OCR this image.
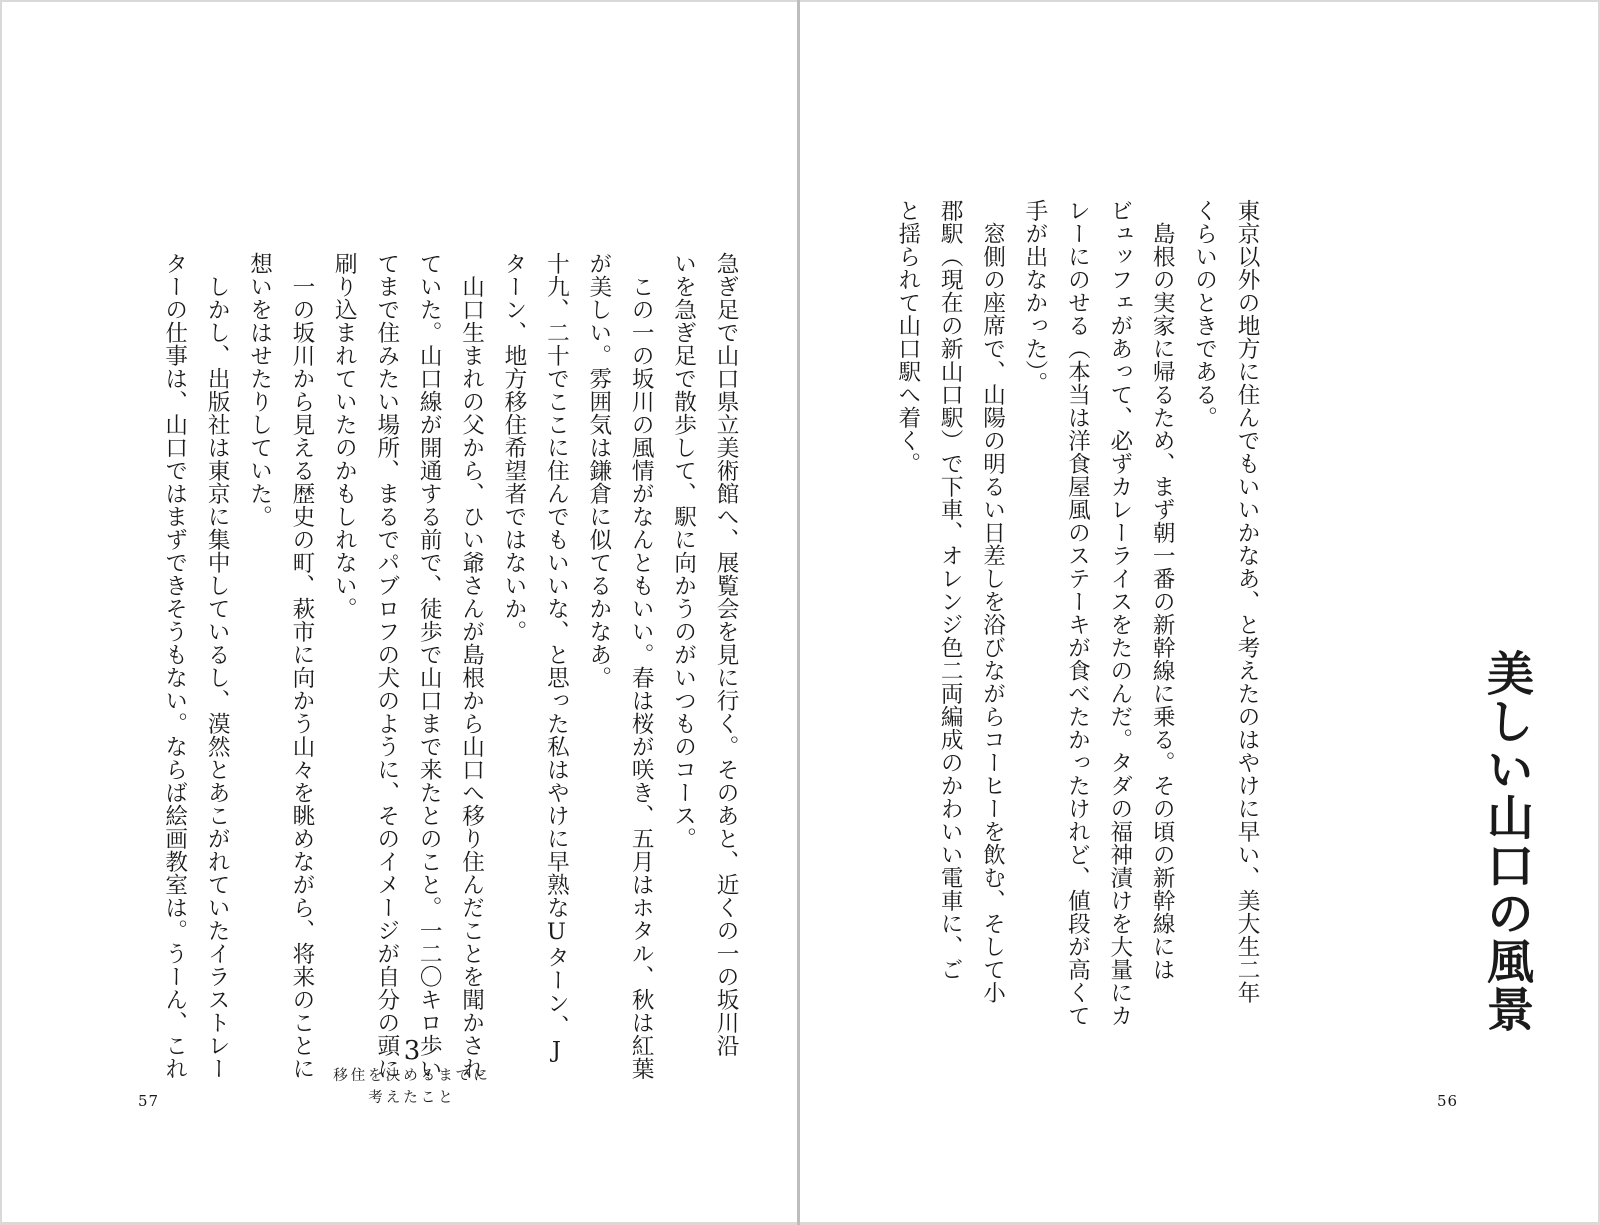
急ぎ足で山口県立美術館へ、展覧会を見に行く。そのあと、近くの一の坂川沿
いを急ぎ足で散歩して、駅に向かうのがいつものコース。
　この一の坂川の風情がなんともいい。春は桜が咲き、五月はホタル、秋は紅葉
が美しい。雰囲気は鎌倉に似てるかなあ。
十九、二十でここに住んでもいいな、と思った私はやけに早熟なUターン、J
ターン、地方移住希望者ではないか。
　山口生まれの父から、ひい爺さんが島根から山口へ移り住んだことを聞かされ
ていた。山口線が開通する前で、徒歩で山口まで来たとのこと。一二〇キロ歩い
てまで住みたい場所、まるでパブロフの犬のように、そのイメージが自分の頭に
刷り込まれていたのかもしれない。
　一の坂川から見える歴史の町、萩市に向かう山々を眺めながら、将来のことに
想いをはせたりしていた。
　しかし、出版社は東京に集中しているし、漠然とあこがれていたイラストレー
ターの仕事は、山口ではまずできそうもない。ならば絵画教室は。うーん、これ	3
移住を決めるまでに
考えたこと
57
美しい山口の風景
東京以外の地方に住んでもいいかなあ、と考えたのはやけに早い、美大生二年
くらいのときである。
　島根の実家に帰るため、まず朝一番の新幹線に乗る。その頃の新幹線には
ビュッフェがあって、必ずカレーライスをたのんだ。タダの福神漬けを大量にカ
レーにのせる（本当は洋食屋風のステーキが食べたかったけれど、値段が高くて
手が出なかった）。
　窓側の座席で、山陽の明るい日差しを浴びながらコーヒーを飲む、そして小
郡駅（現在の新山口駅）で下車、オレンジ色二両編成のかわいい電車に、ご
と揺られて山口駅へ着く。
56
